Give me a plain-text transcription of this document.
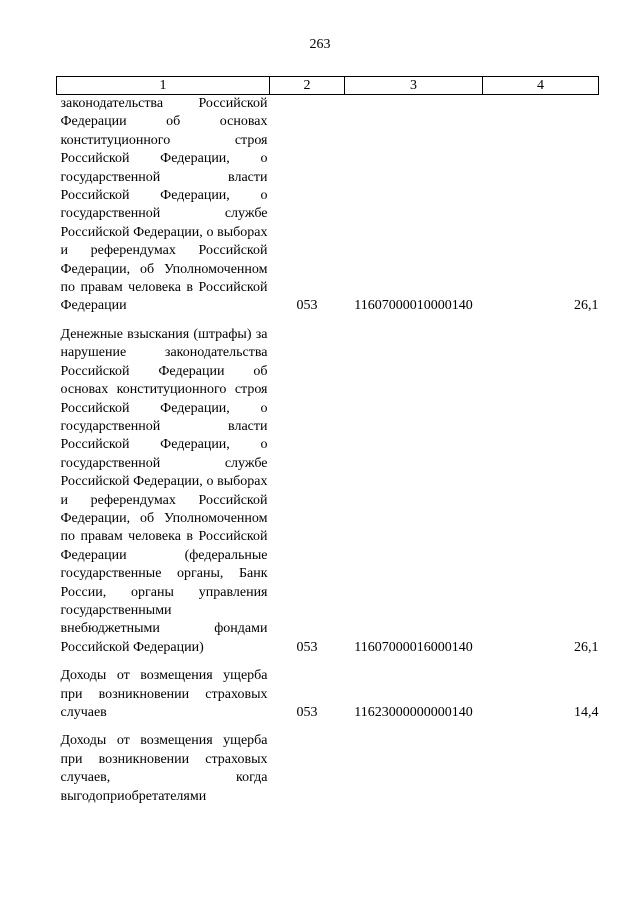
263
1	2	3	4
законодательства Российской Федерации об основах конституционного строя Российской Федерации, о государственной власти Российской Федерации, о государственной службе Российской Федерации, о выборах и референдумах Российской Федерации, об Уполномоченном по правам человека в Российской Федерации	053	11607000010000140	26,1
Денежные взыскания (штрафы) за нарушение законодательства Российской Федерации об основах конституционного строя Российской Федерации, о государственной власти Российской Федерации, о государственной службе Российской Федерации, о выборах и референдумах Российской Федерации, об Уполномоченном по правам человека в Российской Федерации (федеральные государственные органы, Банк России, органы управления государственными внебюджетными фондами Российской Федерации)	053	11607000016000140	26,1
Доходы от возмещения ущерба при возникновении страховых случаев	053	11623000000000140	14,4
Доходы от возмещения ущерба при возникновении страховых случаев, когда выгодоприобретателями			
